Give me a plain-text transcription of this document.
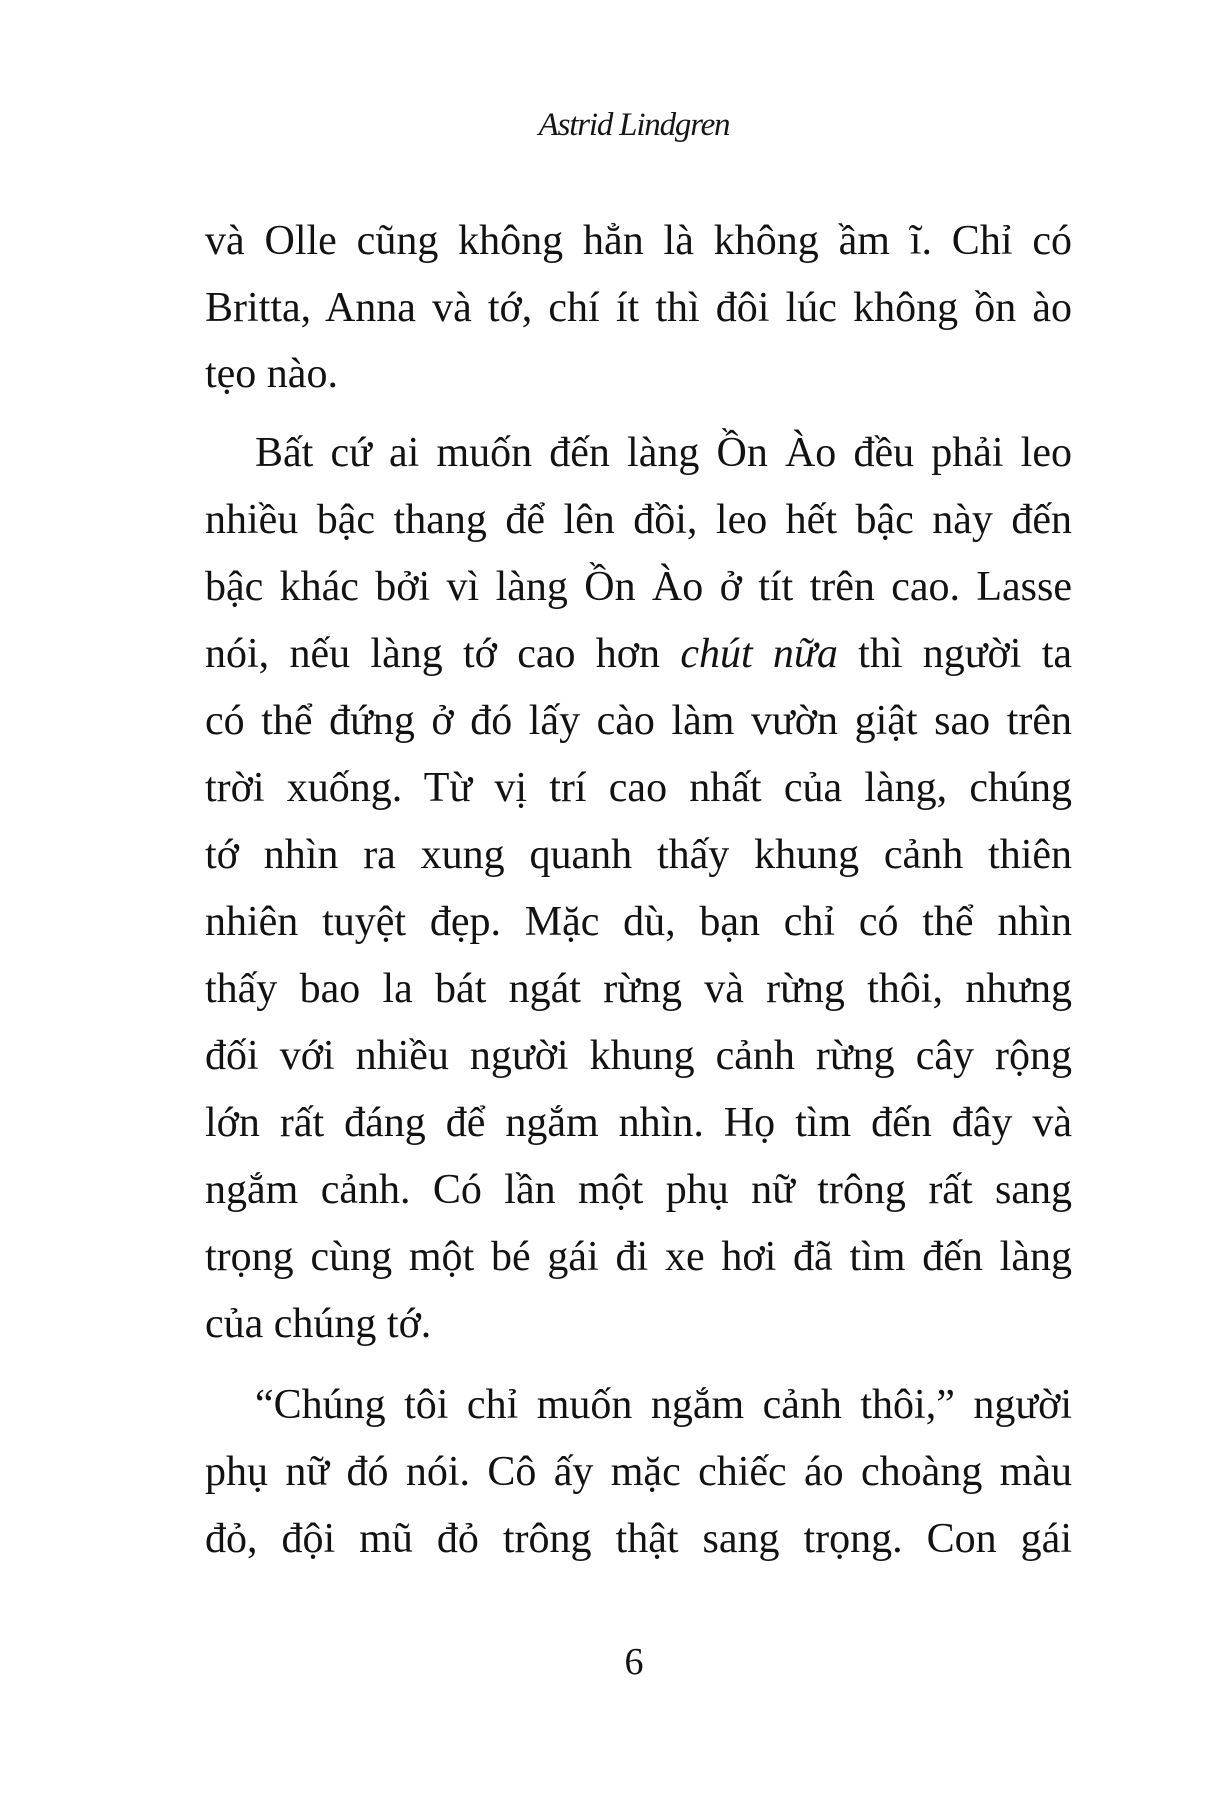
Astrid Lindgren
và Olle cũng không hẳn là không ầm ĩ. Chỉ có
Britta, Anna và tớ, chí ít thì đôi lúc không ồn ào
tẹo nào.
Bất cứ ai muốn đến làng Ồn Ào đều phải leo
nhiều bậc thang để lên đồi, leo hết bậc này đến
bậc khác bởi vì làng Ồn Ào ở tít trên cao. Lasse
nói, nếu làng tớ cao hơn chút nữa thì người ta
có thể đứng ở đó lấy cào làm vườn giật sao trên
trời xuống. Từ vị trí cao nhất của làng, chúng
tớ nhìn ra xung quanh thấy khung cảnh thiên
nhiên tuyệt đẹp. Mặc dù, bạn chỉ có thể nhìn
thấy bao la bát ngát rừng và rừng thôi, nhưng
đối với nhiều người khung cảnh rừng cây rộng
lớn rất đáng để ngắm nhìn. Họ tìm đến đây và
ngắm cảnh. Có lần một phụ nữ trông rất sang
trọng cùng một bé gái đi xe hơi đã tìm đến làng
của chúng tớ.
“Chúng tôi chỉ muốn ngắm cảnh thôi,” người
phụ nữ đó nói. Cô ấy mặc chiếc áo choàng màu
đỏ, đội mũ đỏ trông thật sang trọng. Con gái
6
